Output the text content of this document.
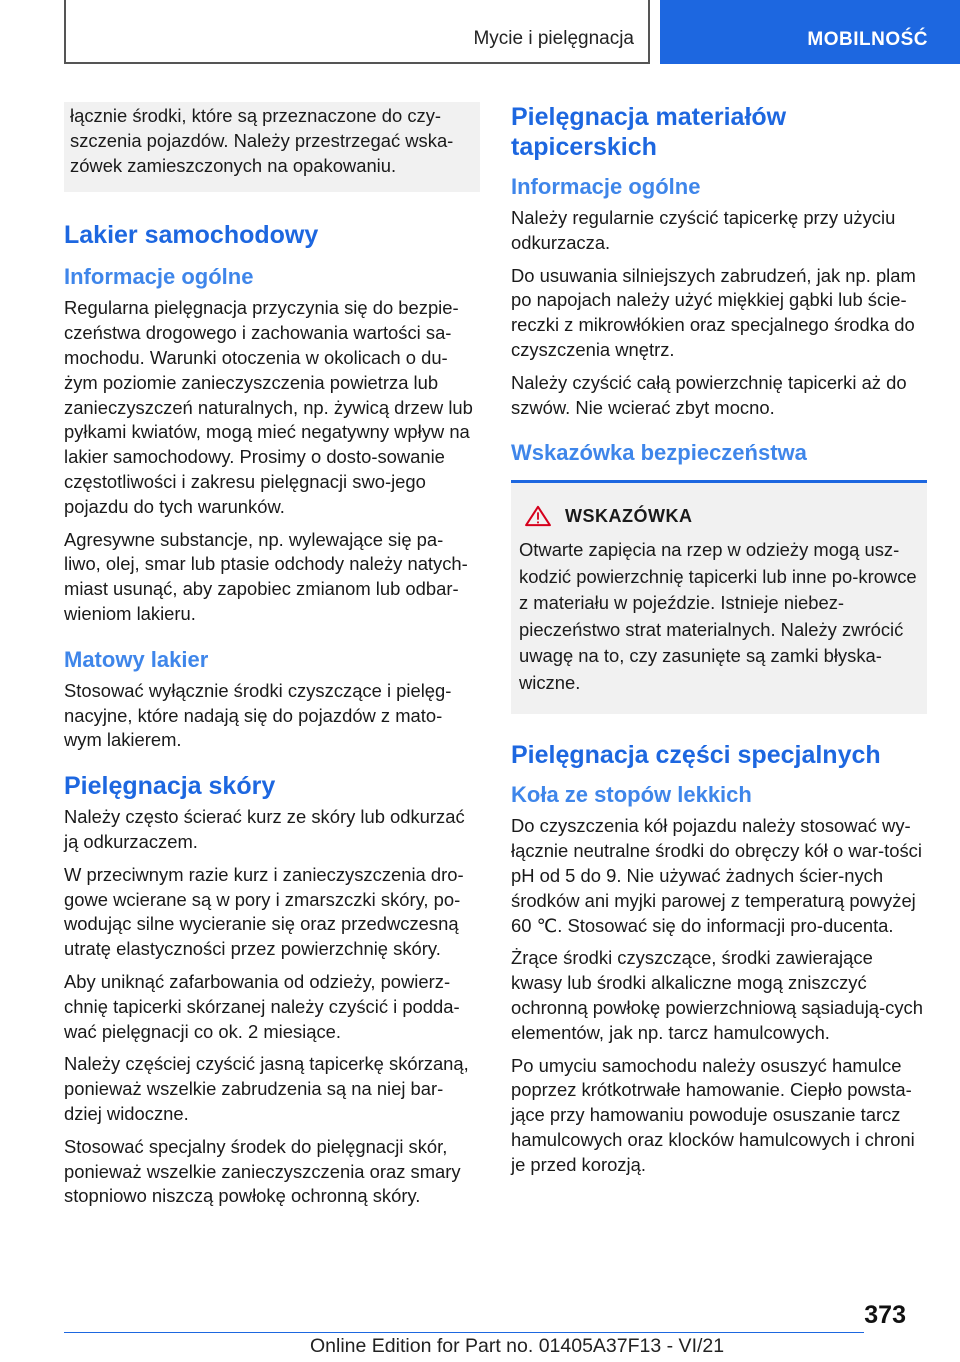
Mycie i pielęgnacja	MOBILNOŚĆ

łącznie środki, które są przeznaczone do czy-szczenia pojazdów. Należy przestrzegać wska-zówek zamieszczonych na opakowaniu.

Lakier samochodowy
Informacje ogólne

Regularna pielęgnacja przyczynia się do bezpie-czeństwa drogowego i zachowania wartości sa-mochodu. Warunki otoczenia w okolicach o du-żym poziomie zanieczyszczenia powietrza lub zanieczyszczeń naturalnych, np. żywicą drzew lub pyłkami kwiatów, mogą mieć negatywny wpływ na lakier samochodowy. Prosimy o dosto-sowanie częstotliwości i zakresu pielęgnacji swo-jego pojazdu do tych warunków.

Agresywne substancje, np. wylewające się pa-liwo, olej, smar lub ptasie odchody należy natych-miast usunąć, aby zapobiec zmianom lub odbar-wieniom lakieru.

Matowy lakier

Stosować wyłącznie środki czyszczące i pielęg-nacyjne, które nadają się do pojazdów z mato-wym lakierem.

Pielęgnacja skóry

Należy często ścierać kurz ze skóry lub odkurzać ją odkurzaczem.

W przeciwnym razie kurz i zanieczyszczenia dro-gowe wcierane są w pory i zmarszczki skóry, po-wodując silne wycieranie się oraz przedwczesną utratę elastyczności przez powierzchnię skóry.

Aby uniknąć zafarbowania od odzieży, powierz-chnię tapicerki skórzanej należy czyścić i podda-wać pielęgnacji co ok. 2 miesiące.

Należy częściej czyścić jasną tapicerkę skórzaną, ponieważ wszelkie zabrudzenia są na niej bar-dziej widoczne.

Stosować specjalny środek do pielęgnacji skór, ponieważ wszelkie zanieczyszczenia oraz smary stopniowo niszczą powłokę ochronną skóry.

Pielęgnacja materiałów tapicerskich
Informacje ogólne

Należy regularnie czyścić tapicerkę przy użyciu odkurzacza.

Do usuwania silniejszych zabrudzeń, jak np. plam po napojach należy użyć miękkiej gąbki lub ście-reczki z mikrowłókien oraz specjalnego środka do czyszczenia wnętrz.

Należy czyścić całą powierzchnię tapicerki aż do szwów. Nie wcierać zbyt mocno.

Wskazówka bezpieczeństwa
WSKAZÓWKA

Otwarte zapięcia na rzep w odzieży mogą usz-kodzić powierzchnię tapicerki lub inne po-krowce z materiału w pojeździe. Istnieje niebez-pieczeństwo strat materialnych. Należy zwrócić uwagę na to, czy zasunięte są zamki błyska-wiczne.

Pielęgnacja części specjalnych
Koła ze stopów lekkich

Do czyszczenia kół pojazdu należy stosować wy-łącznie neutralne środki do obręczy kół o war-tości pH od 5 do 9. Nie używać żadnych ścier-nych środków ani myjki parowej z temperaturą powyżej 60 ℃. Stosować się do informacji pro-ducenta.

Żrące środki czyszczące, środki zawierające kwasy lub środki alkaliczne mogą zniszczyć ochronną powłokę powierzchniową sąsiadują-cych elementów, jak np. tarcz hamulcowych.

Po umyciu samochodu należy osuszyć hamulce poprzez krótkotrwałe hamowanie. Ciepło powsta-jące przy hamowaniu powoduje osuszanie tarcz hamulcowych oraz klocków hamulcowych i chroni je przed korozją.

373
Online Edition for Part no. 01405A37F13 - VI/21
